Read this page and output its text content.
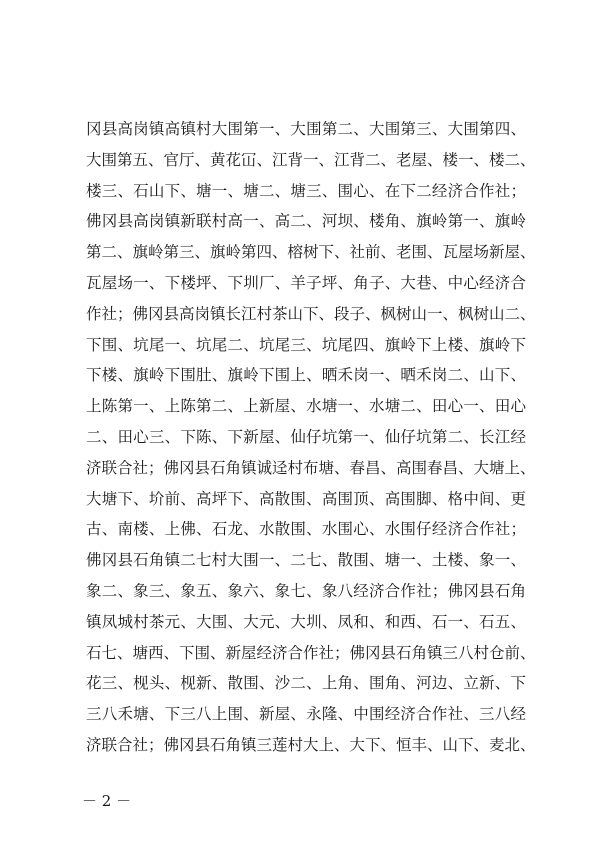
冈县高岗镇高镇村大围第一、大围第二、大围第三、大围第四、
大围第五、官厅、黄花冚、江背一、江背二、老屋、楼一、楼二、
楼三、石山下、塘一、塘二、塘三、围心、在下二经济合作社；
佛冈县高岗镇新联村高一、高二、河坝、楼角、旗岭第一、旗岭
第二、旗岭第三、旗岭第四、榕树下、社前、老围、瓦屋场新屋、
瓦屋场一、下楼坪、下圳厂、羊子坪、角子、大巷、中心经济合
作社；佛冈县高岗镇长江村茶山下、段子、枫树山一、枫树山二、
下围、坑尾一、坑尾二、坑尾三、坑尾四、旗岭下上楼、旗岭下
下楼、旗岭下围肚、旗岭下围上、晒禾岗一、晒禾岗二、山下、
上陈第一、上陈第二、上新屋、水塘一、水塘二、田心一、田心
二、田心三、下陈、下新屋、仙仔坑第一、仙仔坑第二、长江经
济联合社；佛冈县石角镇诚迳村布塘、春昌、高围春昌、大塘上、
大塘下、圿前、高坪下、高散围、高围顶、高围脚、格中间、更
古、南楼、上佛、石龙、水散围、水围心、水围仔经济合作社；
佛冈县石角镇二七村大围一、二七、散围、塘一、土楼、象一、
象二、象三、象五、象六、象七、象八经济合作社；佛冈县石角
镇凤城村茶元、大围、大元、大圳、凤和、和西、石一、石五、
石七、塘西、下围、新屋经济合作社；佛冈县石角镇三八村仓前、
花三、枧头、枧新、散围、沙二、上角、围角、河边、立新、下
三八禾塘、下三八上围、新屋、永隆、中围经济合作社、三八经
济联合社；佛冈县石角镇三莲村大上、大下、恒丰、山下、麦北、
－ 2 －
